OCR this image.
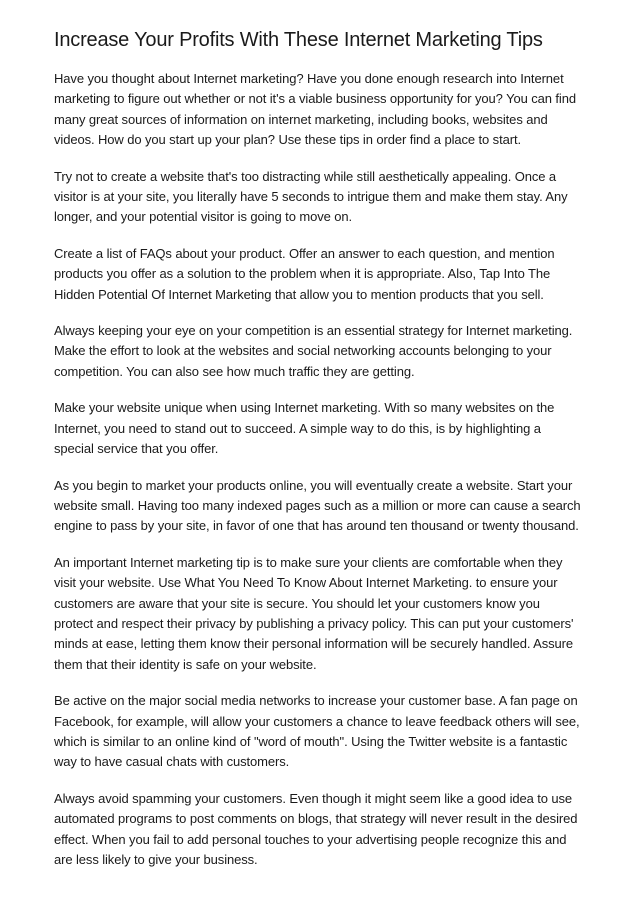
Increase Your Profits With These Internet Marketing Tips

Have you thought about Internet marketing? Have you done enough research into Internet
marketing to figure out whether or not it's a viable business opportunity for you? You can find
many great sources of information on internet marketing, including books, websites and
videos. How do you start up your plan? Use these tips in order find a place to start.

Try not to create a website that's too distracting while still aesthetically appealing. Once a
visitor is at your site, you literally have 5 seconds to intrigue them and make them stay. Any
longer, and your potential visitor is going to move on.

Create a list of FAQs about your product. Offer an answer to each question, and mention
products you offer as a solution to the problem when it is appropriate. Also, Tap Into The
Hidden Potential Of Internet Marketing that allow you to mention products that you sell.

Always keeping your eye on your competition is an essential strategy for Internet marketing.
Make the effort to look at the websites and social networking accounts belonging to your
competition. You can also see how much traffic they are getting.

Make your website unique when using Internet marketing. With so many websites on the
Internet, you need to stand out to succeed. A simple way to do this, is by highlighting a
special service that you offer.

As you begin to market your products online, you will eventually create a website. Start your
website small. Having too many indexed pages such as a million or more can cause a search
engine to pass by your site, in favor of one that has around ten thousand or twenty thousand.

An important Internet marketing tip is to make sure your clients are comfortable when they
visit your website. Use What You Need To Know About Internet Marketing. to ensure your
customers are aware that your site is secure. You should let your customers know you
protect and respect their privacy by publishing a privacy policy. This can put your customers'
minds at ease, letting them know their personal information will be securely handled. Assure
them that their identity is safe on your website.

Be active on the major social media networks to increase your customer base. A fan page on
Facebook, for example, will allow your customers a chance to leave feedback others will see,
which is similar to an online kind of "word of mouth". Using the Twitter website is a fantastic
way to have casual chats with customers.

Always avoid spamming your customers. Even though it might seem like a good idea to use
automated programs to post comments on blogs, that strategy will never result in the desired
effect. When you fail to add personal touches to your advertising people recognize this and
are less likely to give your business.
